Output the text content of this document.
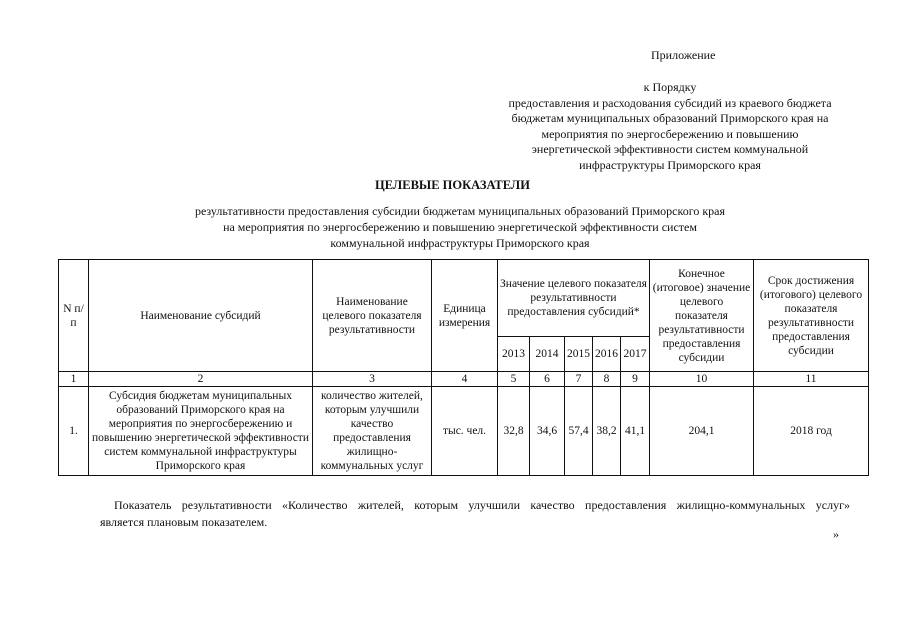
Приложение
к Порядку
предоставления и расходования субсидий из краевого бюджета
бюджетам муниципальных образований Приморского края на
мероприятия по энергосбережению и повышению
энергетической эффективности систем коммунальной
инфраструктуры Приморского края
ЦЕЛЕВЫЕ ПОКАЗАТЕЛИ
результативности предоставления субсидии бюджетам муниципальных образований Приморского края
на мероприятия по энергосбережению и повышению энергетической эффективности систем
коммунальной инфраструктуры Приморского края
N п/п	Наименование субсидий	Наименование целевого показателя результативности	Единица измерения	Значение целевого показателя результативности предоставления субсидий*					Конечное (итоговое) значение целевого показателя результативности предоставления субсидии	Срок достижения (итогового) целевого показателя результативности предоставления субсидии
				2013	2014	2015	2016	2017		
1	2	3	4	5	6	7	8	9	10	11
1.	Субсидия бюджетам муниципальных образований Приморского края на мероприятия по энергосбережению и повышению энергетической эффективности систем коммунальной инфраструктуры Приморского края	количество жителей, которым улучшили качество предоставления жилищно-коммунальных услуг	тыс. чел.	32,8	34,6	57,4	38,2	41,1	204,1	2018 год
Показатель результативности «Количество жителей, которым улучшили качество предоставления жилищно-коммунальных услуг»
является плановым показателем.
»
